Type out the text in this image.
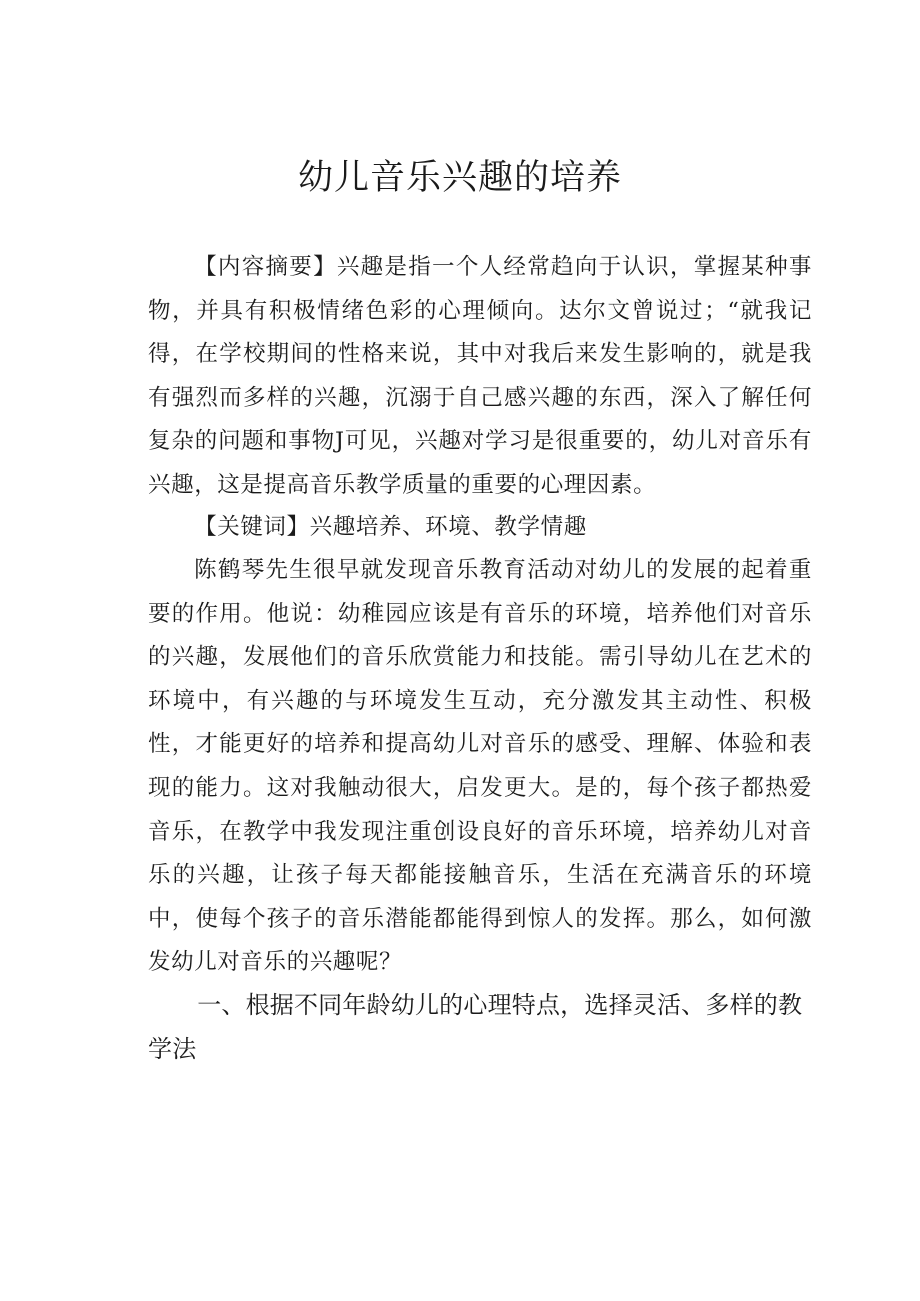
幼儿音乐兴趣的培养

【内容摘要】兴趣是指一个人经常趋向于认识，掌握某种事物，并具有积极情绪色彩的心理倾向。达尔文曾说过；“就我记得，在学校期间的性格来说，其中对我后来发生影响的，就是我有强烈而多样的兴趣，沉溺于自己感兴趣的东西，深入了解任何复杂的问题和事物J可见，兴趣对学习是很重要的，幼儿对音乐有兴趣，这是提高音乐教学质量的重要的心理因素。

【关键词】兴趣培养、环境、教学情趣

陈鹤琴先生很早就发现音乐教育活动对幼儿的发展的起着重要的作用。他说：幼稚园应该是有音乐的环境，培养他们对音乐的兴趣，发展他们的音乐欣赏能力和技能。需引导幼儿在艺术的环境中，有兴趣的与环境发生互动，充分激发其主动性、积极性，才能更好的培养和提高幼儿对音乐的感受、理解、体验和表现的能力。这对我触动很大，启发更大。是的，每个孩子都热爱音乐，在教学中我发现注重创设良好的音乐环境，培养幼儿对音乐的兴趣，让孩子每天都能接触音乐，生活在充满音乐的环境中，使每个孩子的音乐潜能都能得到惊人的发挥。那么，如何激发幼儿对音乐的兴趣呢？

一、根据不同年龄幼儿的心理特点，选择灵活、多样的教学法
